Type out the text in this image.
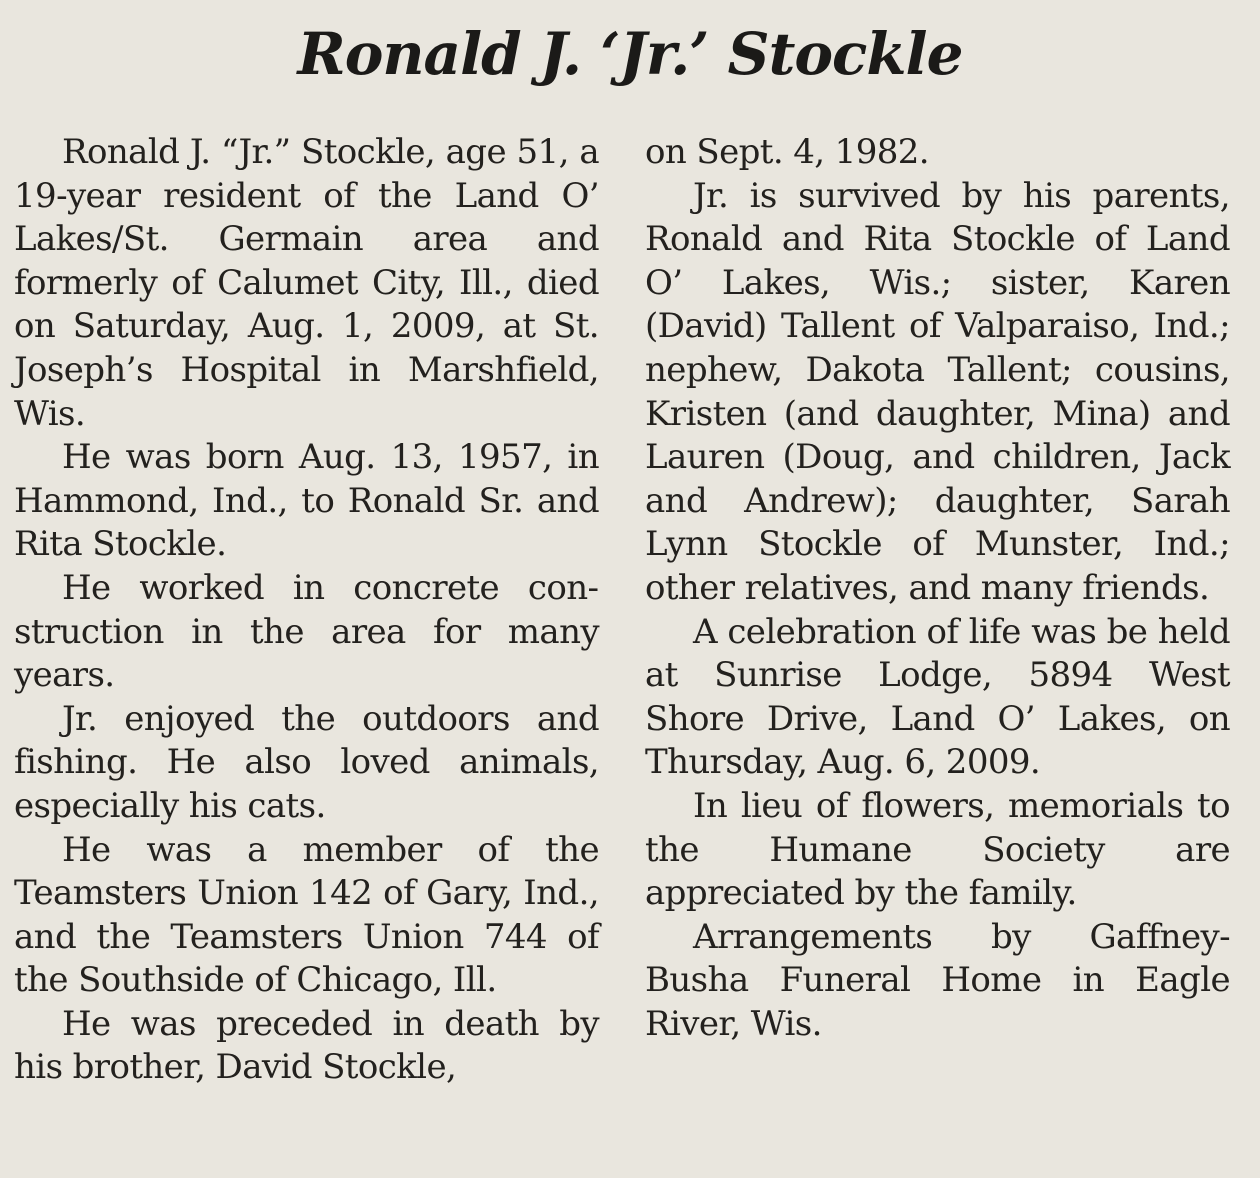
Ronald J. ‘Jr.’ Stockle

Ronald J. “Jr.” Stockle, age 51, a 19-year resident of the Land O’ Lakes/St. Germain area and formerly of Calumet City, Ill., died on Saturday, Aug. 1, 2009, at St. Joseph’s Hospital in Marshfield, Wis.

He was born Aug. 13, 1957, in Hammond, Ind., to Ronald Sr. and Rita Stockle.

He worked in concrete construction in the area for many years.

Jr. enjoyed the outdoors and fishing. He also loved animals, especially his cats.

He was a member of the Teamsters Union 142 of Gary, Ind., and the Teamsters Union 744 of the Southside of Chicago, Ill.

He was preceded in death by his brother, David Stockle,

on Sept. 4, 1982.

Jr. is survived by his parents, Ronald and Rita Stockle of Land O’ Lakes, Wis.; sister, Karen (David) Tallent of Valparaiso, Ind.; nephew, Dakota Tallent; cousins, Kristen (and daughter, Mina) and Lauren (Doug, and children, Jack and Andrew); daughter, Sarah Lynn Stockle of Munster, Ind.; other relatives, and many friends.

A celebration of life was be held at Sunrise Lodge, 5894 West Shore Drive, Land O’ Lakes, on Thursday, Aug. 6, 2009.

In lieu of flowers, memorials to the Humane Society are appreciated by the family.

Arrangements by Gaffney-Busha Funeral Home in Eagle River, Wis.
